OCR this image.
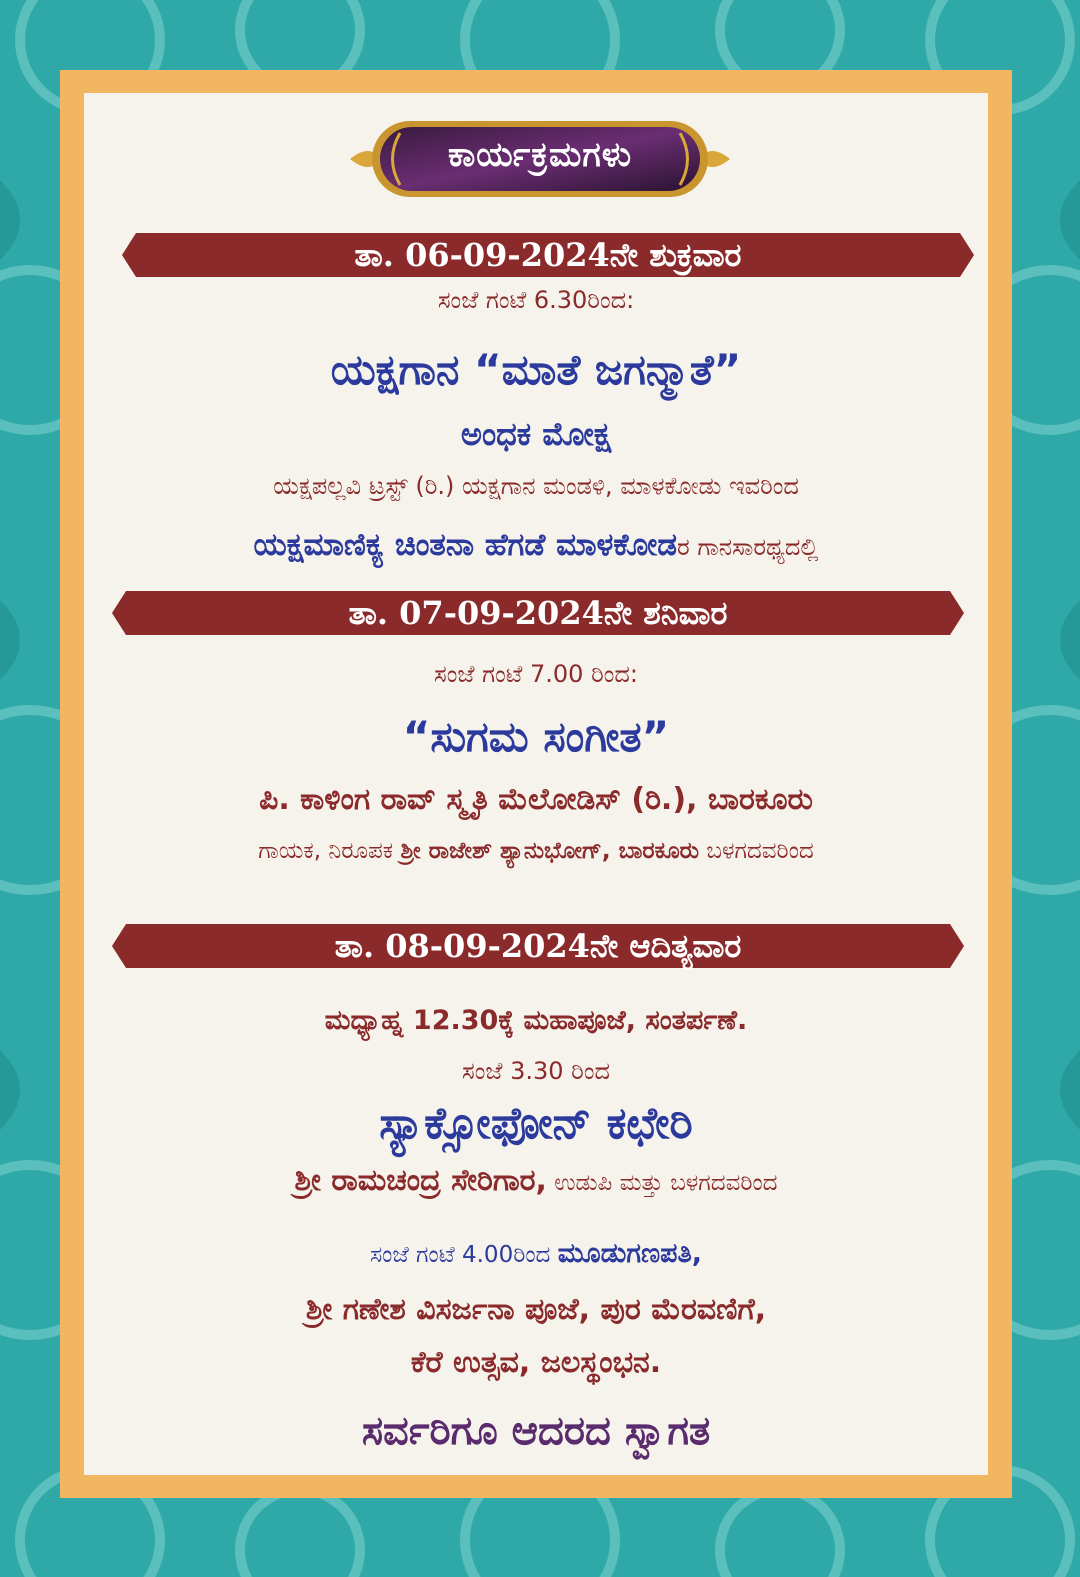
ಕಾರ್ಯಕ್ರಮಗಳು
ತಾ. 06-09-2024ನೇ ಶುಕ್ರವಾರ
ಸಂಜೆ ಗಂಟೆ 6.30ರಿಂದ:
ಯಕ್ಷಗಾನ “ಮಾತೆ ಜಗನ್ಮಾತೆ”
ಅಂಧಕ ಮೋಕ್ಷ
ಯಕ್ಷಪಲ್ಲವಿ ಟ್ರಸ್ಟ್ (ರಿ.) ಯಕ್ಷಗಾನ ಮಂಡಳಿ, ಮಾಳಕೋಡು ಇವರಿಂದ
ಯಕ್ಷಮಾಣಿಕ್ಯ ಚಿಂತನಾ ಹೆಗಡೆ ಮಾಳಕೋಡರ ಗಾನಸಾರಥ್ಯದಲ್ಲಿ
ತಾ. 07-09-2024ನೇ ಶನಿವಾರ
ಸಂಜೆ ಗಂಟೆ 7.00 ರಿಂದ:
“ಸುಗಮ ಸಂಗೀತ”
ಪಿ. ಕಾಳಿಂಗ ರಾವ್ ಸ್ಮೃತಿ ಮೆಲೋಡಿಸ್ (ರಿ.), ಬಾರಕೂರು
ಗಾಯಕ, ನಿರೂಪಕ ಶ್ರೀ ರಾಜೇಶ್ ಶ್ಯಾನುಭೋಗ್, ಬಾರಕೂರು ಬಳಗದವರಿಂದ
ತಾ. 08-09-2024ನೇ ಆದಿತ್ಯವಾರ
ಮಧ್ಯಾಹ್ನ 12.30ಕ್ಕೆ ಮಹಾಪೂಜೆ, ಸಂತರ್ಪಣೆ.
ಸಂಜೆ 3.30 ರಿಂದ
ಸ್ಯಾಕ್ಸೋಫೋನ್ ಕಛೇರಿ
ಶ್ರೀ ರಾಮಚಂದ್ರ ಸೇರಿಗಾರ, ಉಡುಪಿ ಮತ್ತು ಬಳಗದವರಿಂದ
ಸಂಜೆ ಗಂಟೆ 4.00ರಿಂದ ಮೂಡುಗಣಪತಿ,
ಶ್ರೀ ಗಣೇಶ ವಿಸರ್ಜನಾ ಪೂಜೆ, ಪುರ ಮೆರವಣಿಗೆ,
ಕೆರೆ ಉತ್ಸವ, ಜಲಸ್ಥಂಭನ.
ಸರ್ವರಿಗೂ ಆದರದ ಸ್ವಾಗತ
